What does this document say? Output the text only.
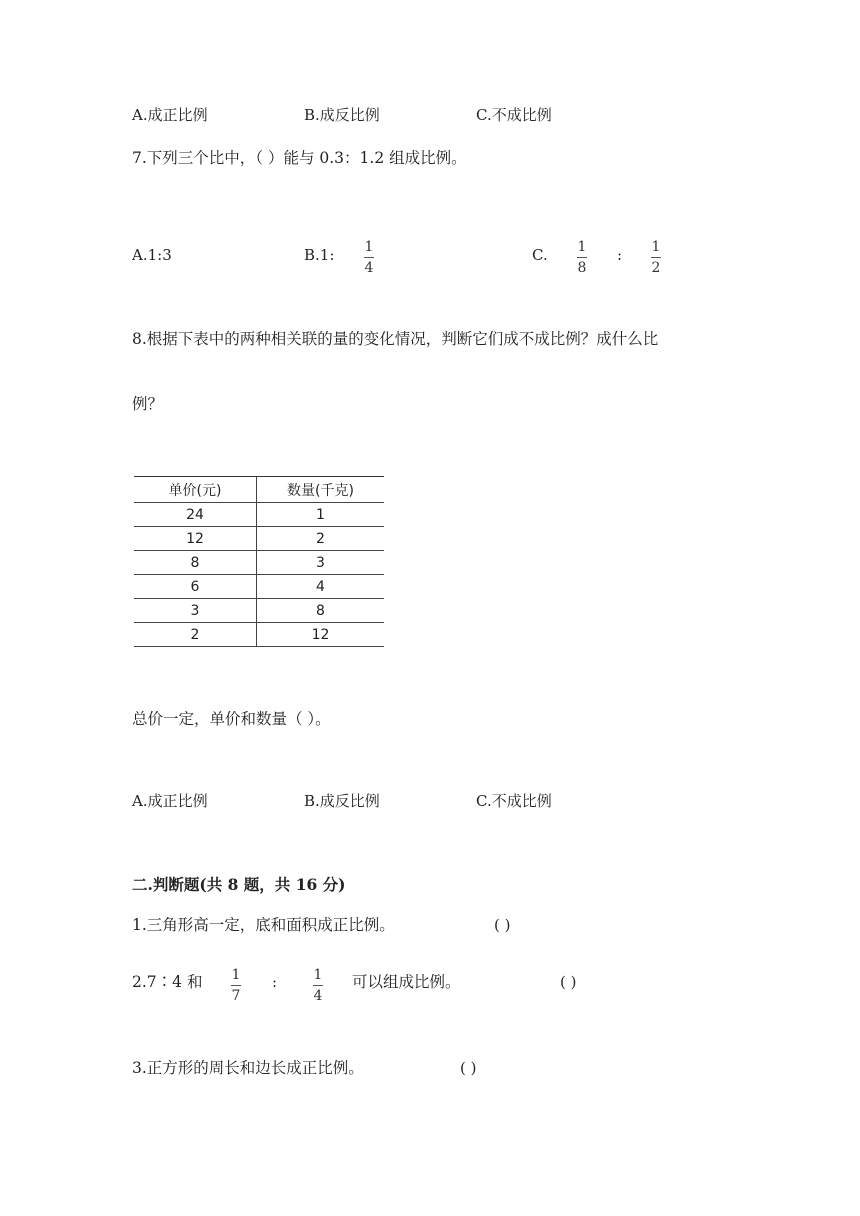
A.成正比例	B.成反比例	C.不成比例
7.下列三个比中，（ ）能与 0.3：1.2 组成比例。
A.1:3	B.1: 1
4
C. 1
8
: 1
2
8.根据下表中的两种相关联的量的变化情况，判断它们成不成比例？成什么比
例？
单价(元)	数量(千克)
24	1
12	2
8	3
6	4
3	8
2	12
总价一定，单价和数量（ ）。
A.成正比例	B.成反比例	C.不成比例
二.判断题(共 8 题，共 16 分)
1.三角形高一定，底和面积成正比例。	( )
2.7∶4 和 1
7
:	1
4
可以组成比例。	( )
3.正方形的周长和边长成正比例。	( )
